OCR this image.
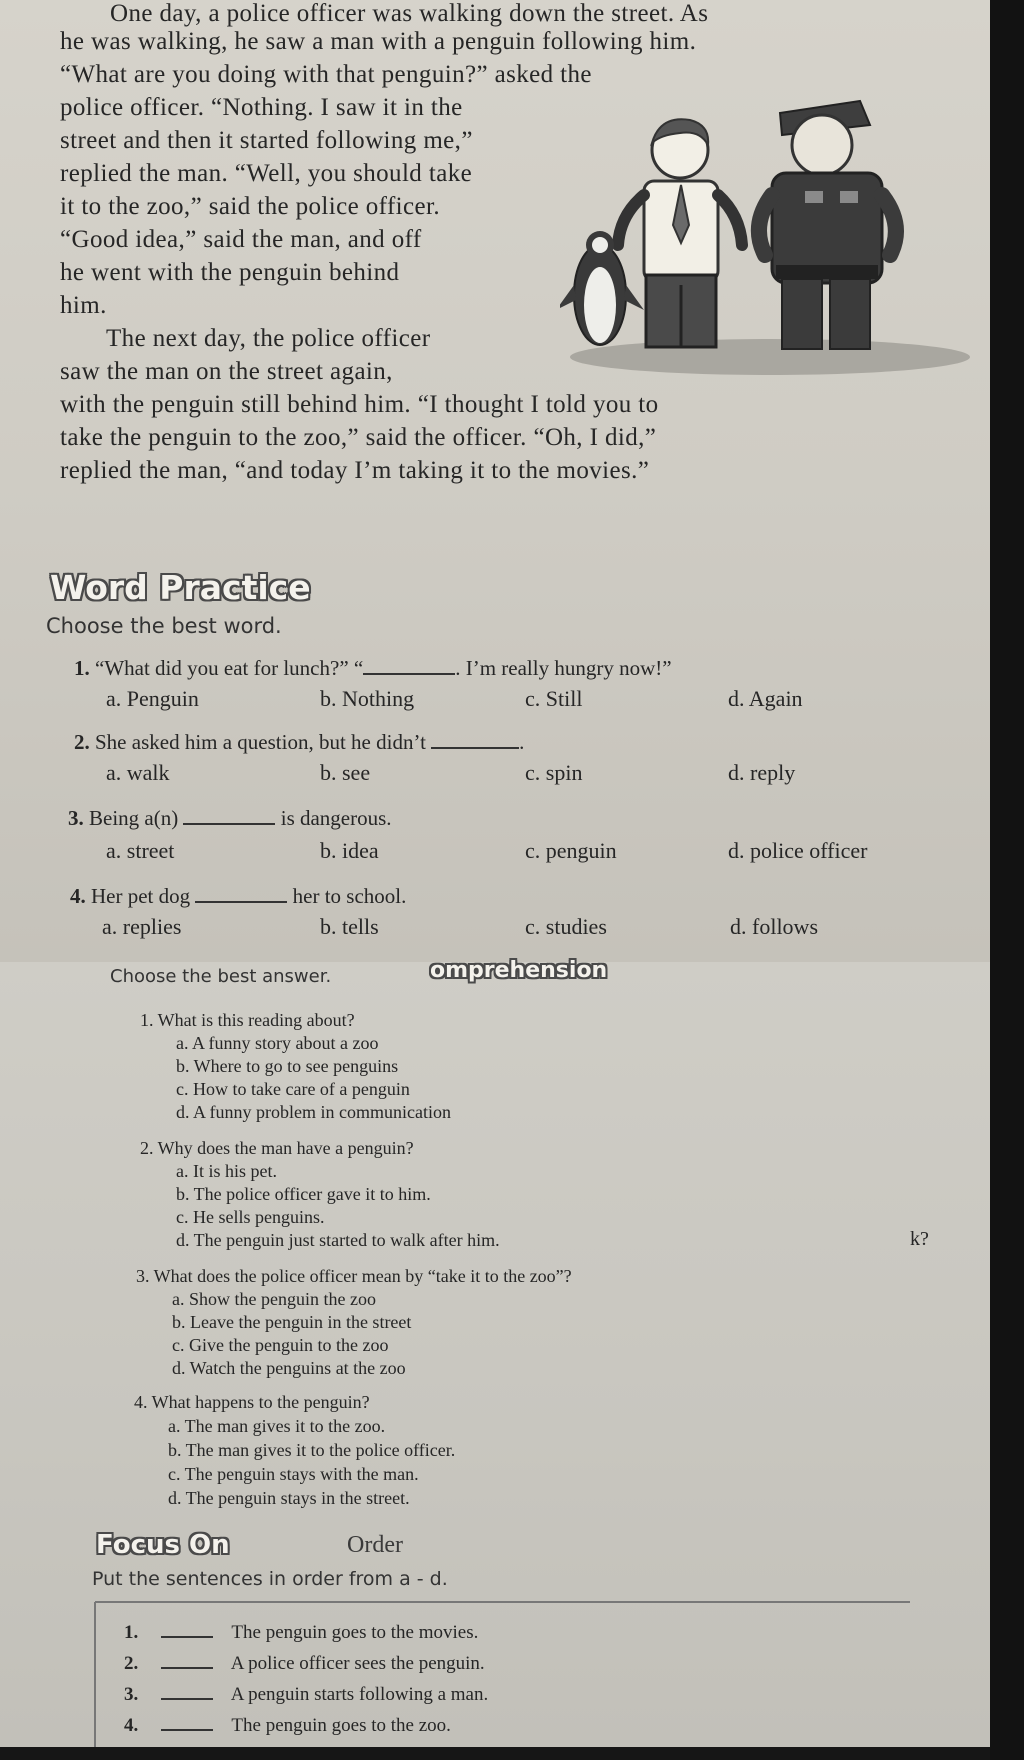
One day, a police officer was walking down the street. As
he was walking, he saw a man with a penguin following him.
“What are you doing with that penguin?” asked the
police officer. “Nothing. I saw it in the
street and then it started following me,”
replied the man. “Well, you should take
it to the zoo,” said the police officer.
“Good idea,” said the man, and off
he went with the penguin behind
him.
The next day, the police officer
saw the man on the street again,
with the penguin still behind him. “I thought I told you to
take the penguin to the zoo,” said the officer. “Oh, I did,”
replied the man, “and today I’m taking it to the movies.”
Word Practice
Choose the best word.
1. “What did you eat for lunch?” “	. I’m really hungry now!”
a. Penguin	b. Nothing	c. Still	d. Again
2. She asked him a question, but he didn’t	.
a. walk	b. see	c. spin	d. reply
3. Being a(n)	is dangerous.
a. street	b. idea	c. penguin	d. police officer
4. Her pet dog	her to school.
a. replies	b. tells	c. studies	d. follows
omprehension
Choose the best answer.
1. What is this reading about?
a. A funny story about a zoo
b. Where to go to see penguins
c. How to take care of a penguin
d. A funny problem in communication
2. Why does the man have a penguin?
a. It is his pet.
b. The police officer gave it to him.
c. He sells penguins.
d. The penguin just started to walk after him.	k?
3. What does the police officer mean by “take it to the zoo”?
a. Show the penguin the zoo
b. Leave the penguin in the street
c. Give the penguin to the zoo
d. Watch the penguins at the zoo
4. What happens to the penguin?
a. The man gives it to the zoo.
b. The man gives it to the police officer.
c. The penguin stays with the man.
d. The penguin stays in the street.
Focus On	Order
Put the sentences in order from a - d.
1.	The penguin goes to the movies.
2.	A police officer sees the penguin.
3.	A penguin starts following a man.
4.	The penguin goes to the zoo.
